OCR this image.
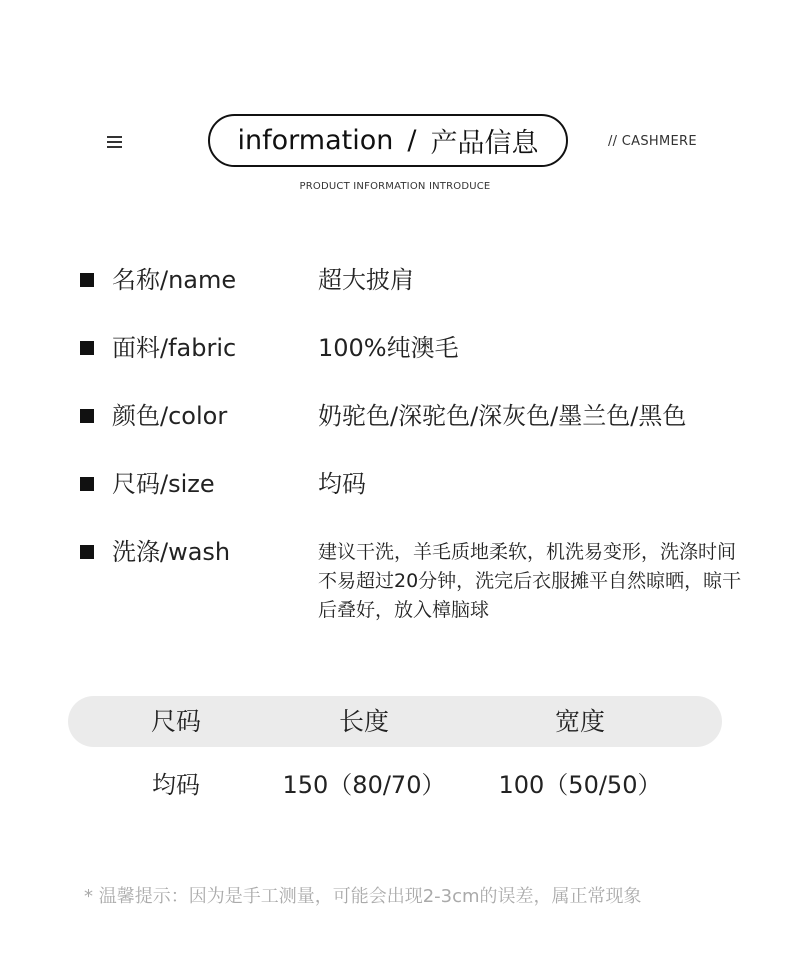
information / 产品信息	// CASHMERE
PRODUCT INFORMATION INTRODUCE
名称/name	超大披肩
面料/fabric	100%纯澳毛
颜色/color	奶驼色/深驼色/深灰色/墨兰色/黑色
尺码/size	均码
洗涤/wash	建议干洗，羊毛质地柔软，机洗易变形，洗涤时间不易超过20分钟，洗完后衣服摊平自然晾晒，晾干后叠好，放入樟脑球
尺码	长度	宽度
均码	150（80/70）	100（50/50）
* 温馨提示：因为是手工测量，可能会出现2-3cm的误差，属正常现象
